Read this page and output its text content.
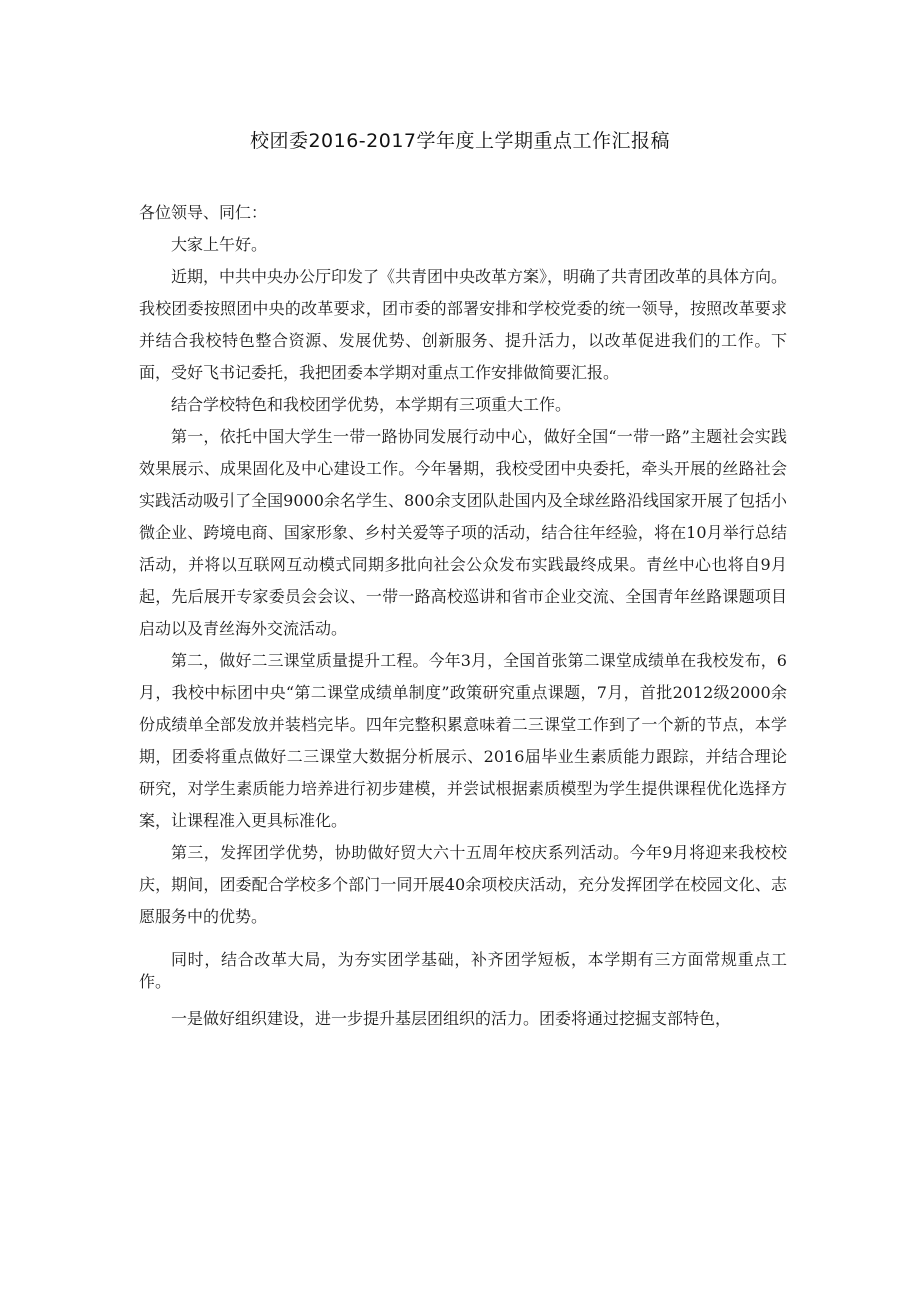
校团委2016-2017学年度上学期重点工作汇报稿

各位领导、同仁：

大家上午好。

近期，中共中央办公厅印发了《共青团中央改革方案》，明确了共青团改革的具体方向。我校团委按照团中央的改革要求，团市委的部署安排和学校党委的统一领导，按照改革要求并结合我校特色整合资源、发展优势、创新服务、提升活力，以改革促进我们的工作。下面，受好飞书记委托，我把团委本学期对重点工作安排做简要汇报。

结合学校特色和我校团学优势，本学期有三项重大工作。

第一，依托中国大学生一带一路协同发展行动中心，做好全国“一带一路”主题社会实践效果展示、成果固化及中心建设工作。今年暑期，我校受团中央委托，牵头开展的丝路社会实践活动吸引了全国9000余名学生、800余支团队赴国内及全球丝路沿线国家开展了包括小微企业、跨境电商、国家形象、乡村关爱等子项的活动，结合往年经验，将在10月举行总结活动，并将以互联网互动模式同期多批向社会公众发布实践最终成果。青丝中心也将自9月起，先后展开专家委员会会议、一带一路高校巡讲和省市企业交流、全国青年丝路课题项目启动以及青丝海外交流活动。

第二，做好二三课堂质量提升工程。今年3月，全国首张第二课堂成绩单在我校发布，6月，我校中标团中央“第二课堂成绩单制度”政策研究重点课题，7月，首批2012级2000余份成绩单全部发放并装档完毕。四年完整积累意味着二三课堂工作到了一个新的节点，本学期，团委将重点做好二三课堂大数据分析展示、2016届毕业生素质能力跟踪，并结合理论研究，对学生素质能力培养进行初步建模，并尝试根据素质模型为学生提供课程优化选择方案，让课程准入更具标准化。

第三，发挥团学优势，协助做好贸大六十五周年校庆系列活动。今年9月将迎来我校校庆，期间，团委配合学校多个部门一同开展40余项校庆活动，充分发挥团学在校园文化、志愿服务中的优势。

同时，结合改革大局，为夯实团学基础，补齐团学短板，本学期有三方面常规重点工作。

一是做好组织建设，进一步提升基层团组织的活力。团委将通过挖掘支部特色，
